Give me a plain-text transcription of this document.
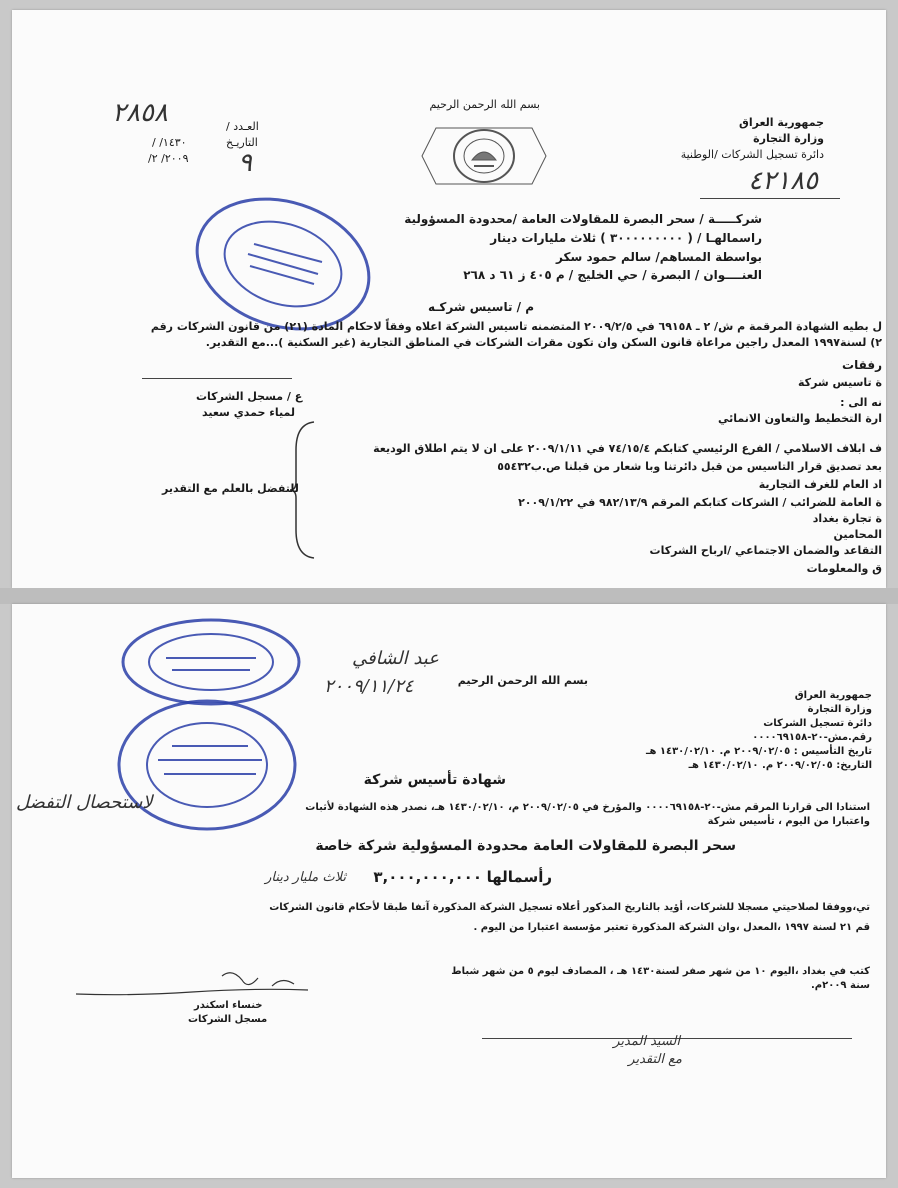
بسم الله الرحمن الرحيم
جمهورية العراق
وزارة التجارة
دائرة تسجيل الشركات /الوطنية
٤٢١٨٥
٢٨٥٨	العـدد /
التاريـخ
١٤٣٠/ /
٢٠٠٩/ ٢/ ٩
شركـــــة / سحر البصرة للمقاولات العامة /محدودة المسؤولية
راسمالهـا / ( ٣٠٠٠٠٠٠٠٠٠ ) ثلاث مليارات دينار
بواسطة المساهم/ سالم حمود سكر
العنــــوان / البصرة / حي الخليج / م ٤٠٥ ز ٦١ د ٢٦٨
م / تاسيس شركـه
ل بطيه الشهادة المرقمة م ش/ ٢ ـ ٦٩١٥٨ في ٢٠٠٩/٢/٥ المتضمنه تاسيس الشركة اعلاه وفقاً لاحكام المادة (٢١) من قانون الشركات رقم
٢) لسنة١٩٩٧ المعدل راجين مراعاة قانون السكن وان تكون مقرات الشركات في المناطق التجارية (غير السكنية )...مع التقدير.
رفقات
ة تاسيس شركة
نه الى :
ارة التخطيط والتعاون الانمائي
ف ابلاف الاسلامي / الفرع الرئيسي كتابكم ٧٤/١٥/٤ في ٢٠٠٩/١/١١ على ان لا يتم اطلاق الوديعة
بعد تصديق قرار التاسيس من قبل دائرتنا وبا شعار من قبلنا ص.ب٥٥٤٣٢
اد العام للغرف التجارية
ة العامة للضرائب / الشركات كتابكم المرقم ٩٨٢/١٣/٩ في ٢٠٠٩/١/٢٢
ة تجارة بغداد
المحامين
التقاعد والضمان الاجتماعي /ارباح الشركات
ق والمعلومات
ع / مسجل الشركات
لمياء حمدي سعيد
للتفضل بالعلم مع التقدير
عبد الشافي
٢٠٠٩/١١/٢٤
لاستحصال التفضل
بسم الله الرحمن الرحيم
جمهورية العراق
وزارة التجارة
دائرة تسجيل الشركات
رقم.مش-٢٠-٠٠٠٠٦٩١٥٨
تاريخ التأسيس : ٢٠٠٩/٠٢/٠٥ م. ١٤٣٠/٠٢/١٠ هـ
التاريخ: ٢٠٠٩/٠٢/٠٥ م. ١٤٣٠/٠٢/١٠ هـ
شهادة تأسيس شركة
استنادا الى قرارنا المرقم مش-٢٠-٠٠٠٠٦٩١٥٨ والمؤرخ في ٢٠٠٩/٠٢/٠٥ م، ١٤٣٠/٠٢/١٠ هـ، نصدر هذه الشهادة لأثبات
واعتبارا من اليوم ، تأسيس شركة
سحر البصرة للمقاولات العامة محدودة المسؤولية شركة خاصة
رأسمالها
٣,٠٠٠,٠٠٠,٠٠٠
ثلاث مليار دينار
تي،ووفقا لصلاحيتي مسجلا للشركات، أؤيد بالتاريخ المذكور أعلاه تسجيل الشركة المذكورة آنفا طبقا لأحكام قانون الشركات
قم ٢١ لسنة ١٩٩٧ ،المعدل ،وان الشركة المذكورة تعتبر مؤسسة اعتبارا من اليوم .
كتب في بغداد ،اليوم ١٠ من شهر صفر لسنة١٤٣٠ هـ ، المصادف ليوم ٥ من شهر شباط
سنة ٢٠٠٩م.
خنساء اسكندر
مسجل الشركات
السيد المدير
مع التقدير
